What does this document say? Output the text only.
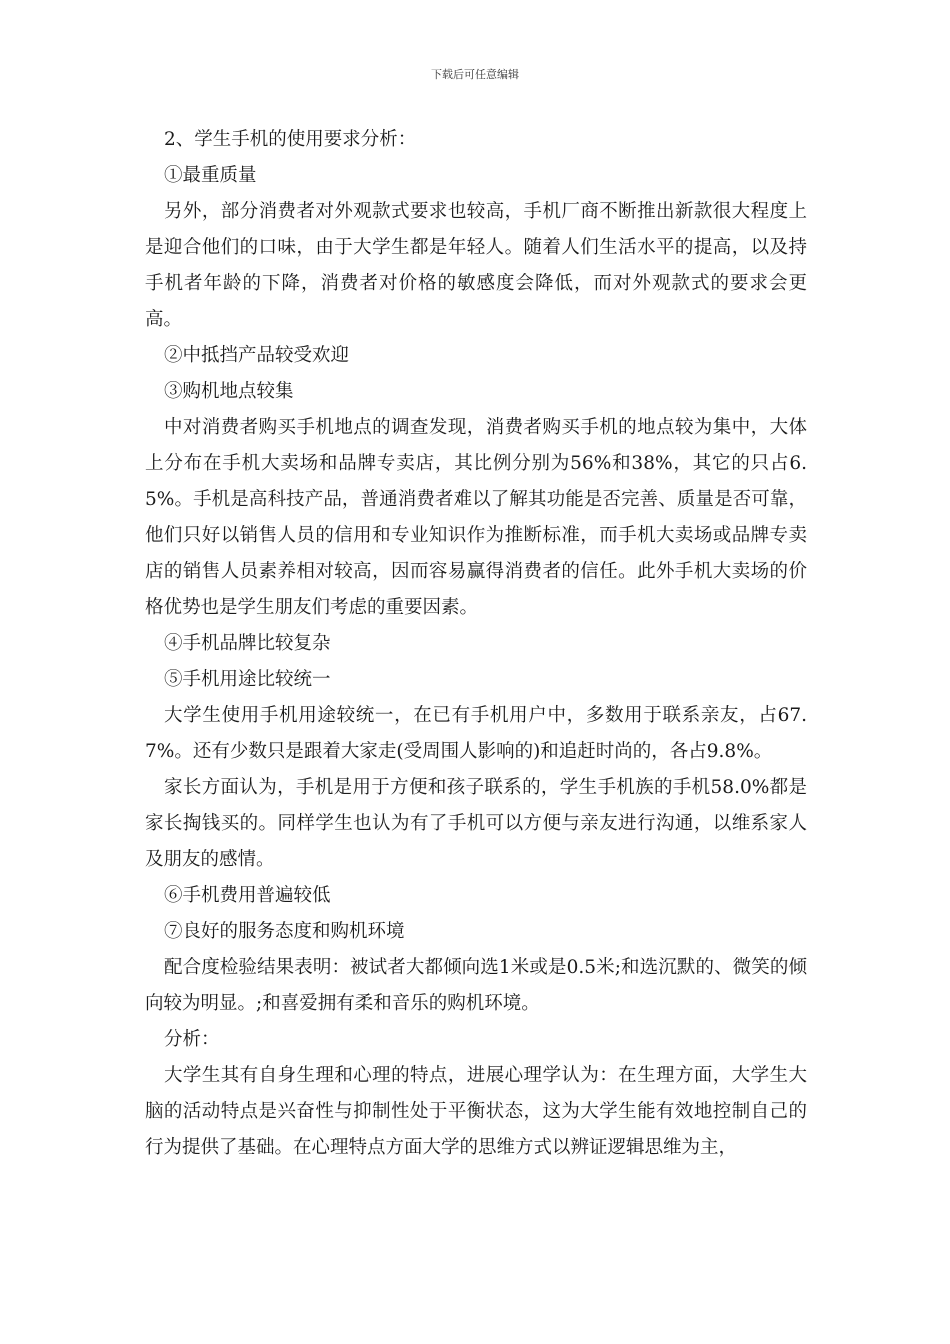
下载后可任意编辑

2、学生手机的使用要求分析：

①最重质量

另外，部分消费者对外观款式要求也较高，手机厂商不断推出新款很大程度上是迎合他们的口味，由于大学生都是年轻人。随着人们生活水平的提高，以及持手机者年龄的下降，消费者对价格的敏感度会降低，而对外观款式的要求会更高。

②中抵挡产品较受欢迎

③购机地点较集

中对消费者购买手机地点的调查发现，消费者购买手机的地点较为集中，大体上分布在手机大卖场和品牌专卖店，其比例分别为56%和38%，其它的只占6.5%。手机是高科技产品，普通消费者难以了解其功能是否完善、质量是否可靠，他们只好以销售人员的信用和专业知识作为推断标准，而手机大卖场或品牌专卖店的销售人员素养相对较高，因而容易赢得消费者的信任。此外手机大卖场的价格优势也是学生朋友们考虑的重要因素。

④手机品牌比较复杂

⑤手机用途比较统一

大学生使用手机用途较统一，在已有手机用户中，多数用于联系亲友，占67.7%。还有少数只是跟着大家走(受周围人影响的)和追赶时尚的，各占9.8%。

家长方面认为，手机是用于方便和孩子联系的，学生手机族的手机58.0%都是家长掏钱买的。同样学生也认为有了手机可以方便与亲友进行沟通，以维系家人及朋友的感情。

⑥手机费用普遍较低

⑦良好的服务态度和购机环境

配合度检验结果表明：被试者大都倾向选1米或是0.5米;和选沉默的、微笑的倾向较为明显。;和喜爱拥有柔和音乐的购机环境。

分析：

大学生其有自身生理和心理的特点，进展心理学认为：在生理方面，大学生大脑的活动特点是兴奋性与抑制性处于平衡状态，这为大学生能有效地控制自己的行为提供了基础。在心理特点方面大学的思维方式以辨证逻辑思维为主，
